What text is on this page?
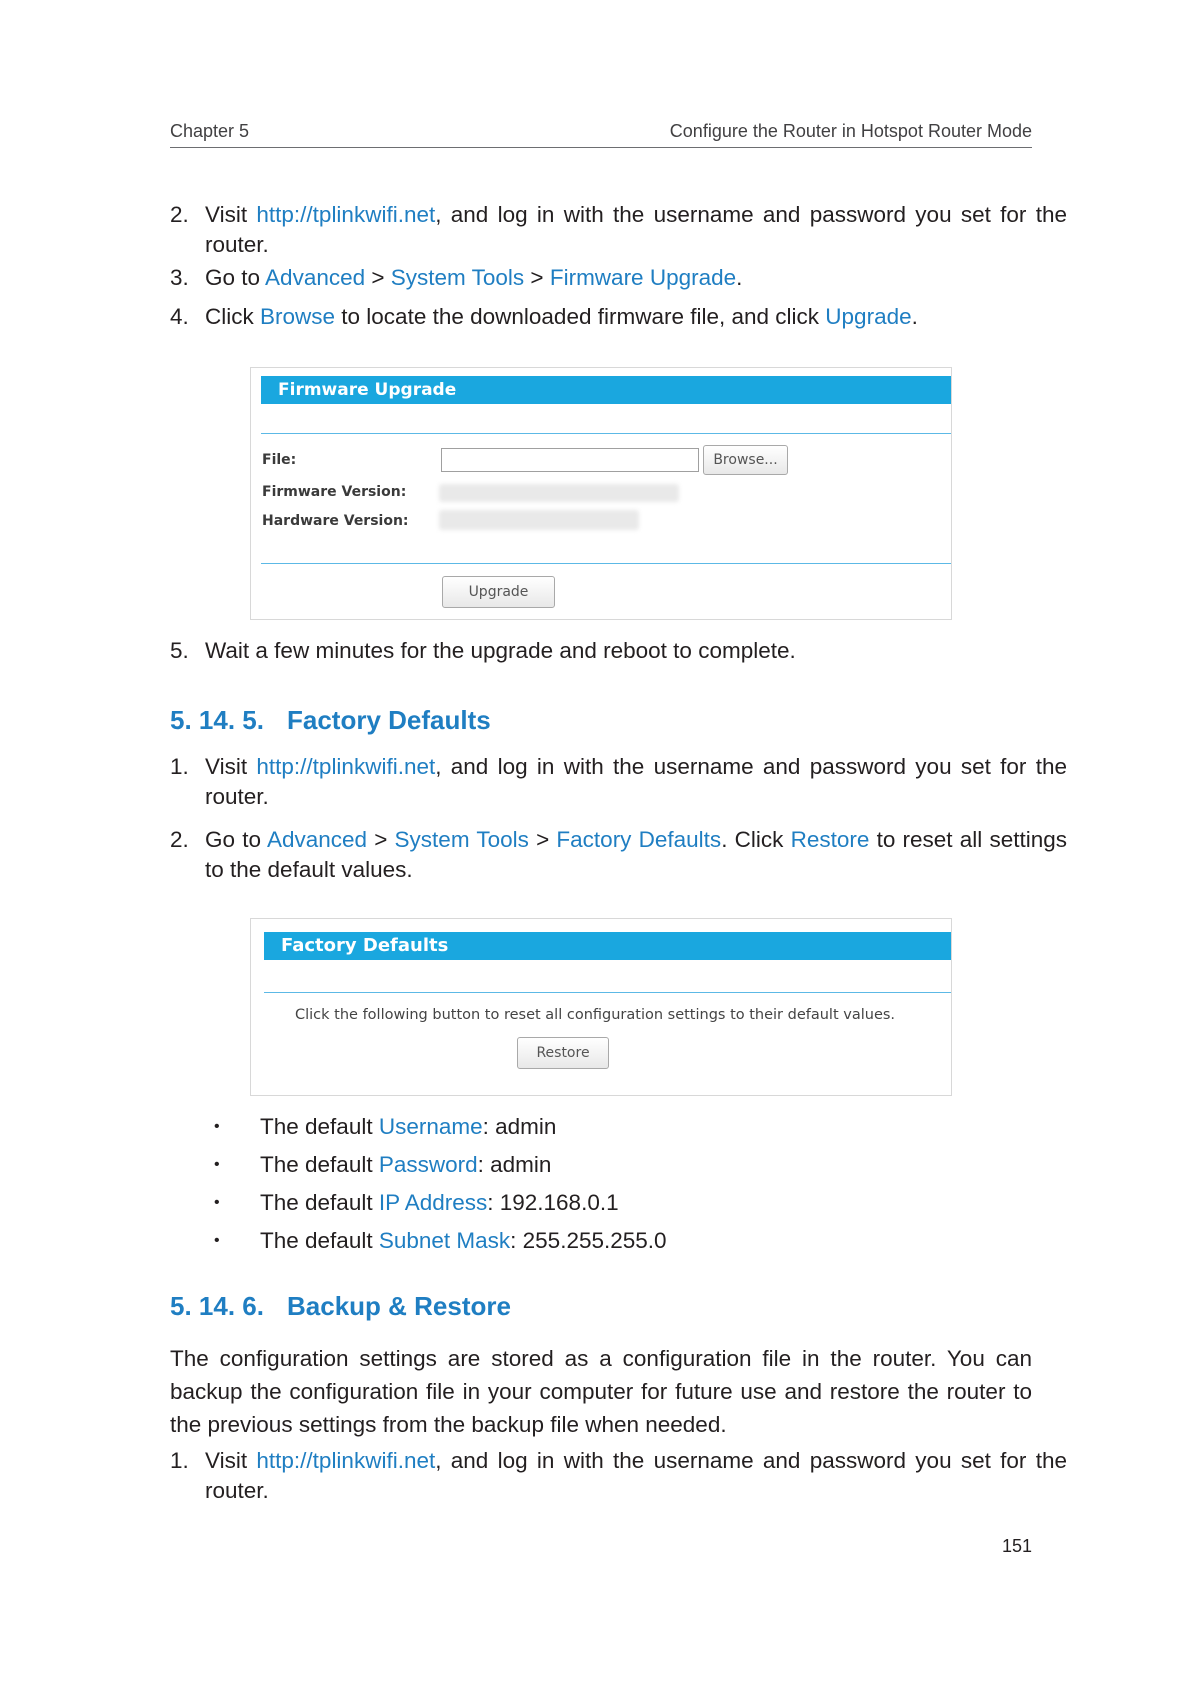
Chapter 5	Configure the Router in Hotspot Router Mode
2. Visit http://tplinkwifi.net, and log in with the username and password you set for the router.
3. Go to Advanced > System Tools > Firmware Upgrade.
4. Click Browse to locate the downloaded firmware file, and click Upgrade.
Firmware Upgrade
File:	Browse...
Firmware Version:
Hardware Version:
Upgrade
5. Wait a few minutes for the upgrade and reboot to complete.
5. 14. 5. Factory Defaults
1. Visit http://tplinkwifi.net, and log in with the username and password you set for the router.
2. Go to Advanced > System Tools > Factory Defaults. Click Restore to reset all settings to the default values.
Factory Defaults
Click the following button to reset all configuration settings to their default values.
Restore
• The default Username: admin
• The default Password: admin
• The default IP Address: 192.168.0.1
• The default Subnet Mask: 255.255.255.0
5. 14. 6. Backup & Restore
The configuration settings are stored as a configuration file in the router. You can backup the configuration file in your computer for future use and restore the router to the previous settings from the backup file when needed.
1. Visit http://tplinkwifi.net, and log in with the username and password you set for the router.
151
